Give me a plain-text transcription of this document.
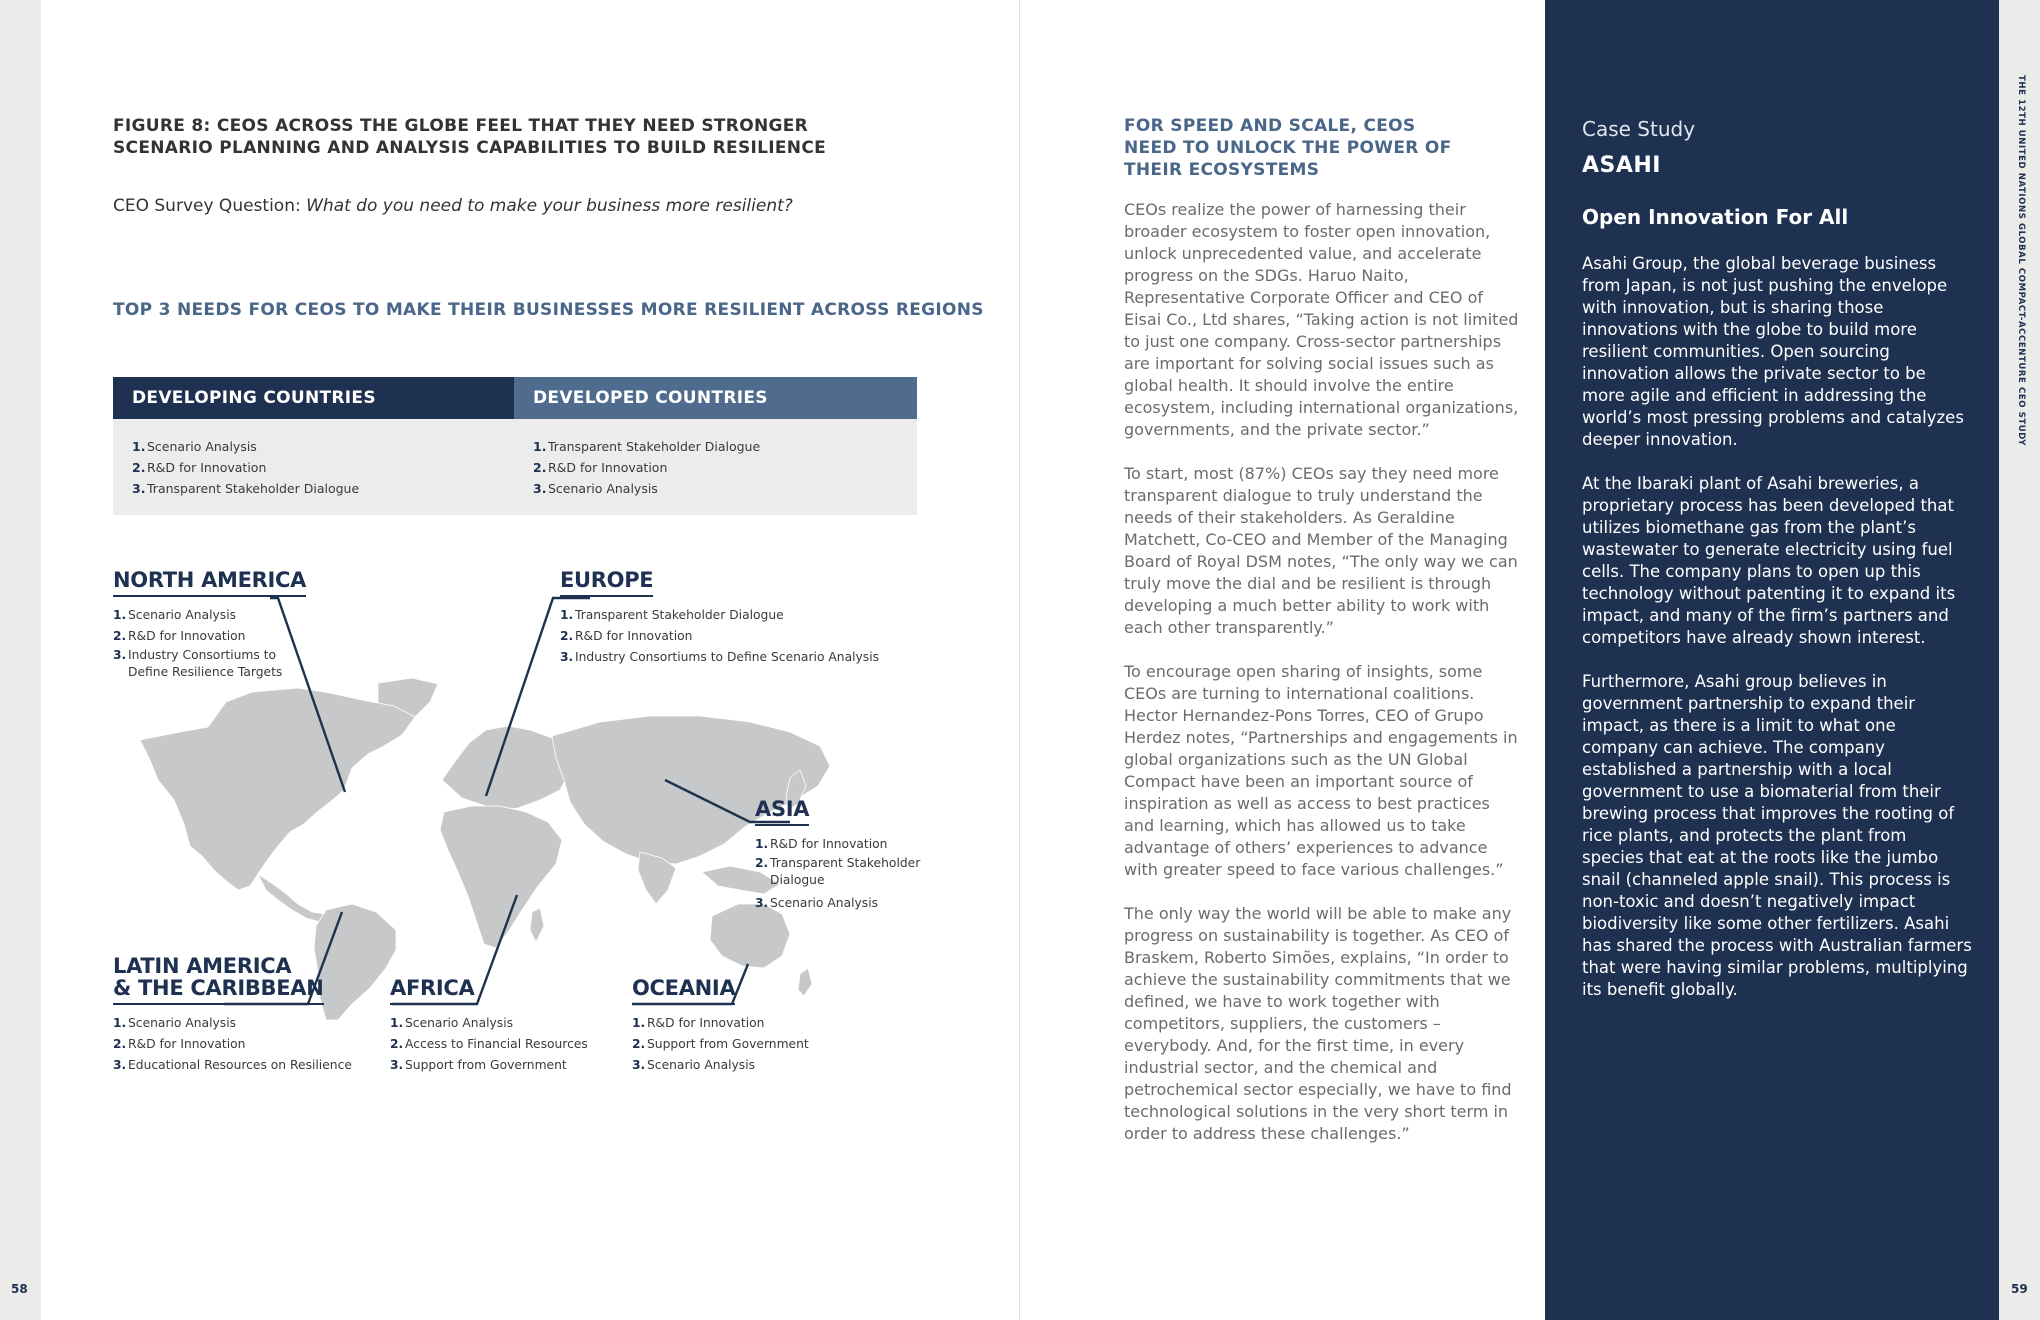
58	59
THE 12TH UNITED NATIONS GLOBAL COMPACT-ACCENTURE CEO STUDY
FIGURE 8: CEOS ACROSS THE GLOBE FEEL THAT THEY NEED STRONGER SCENARIO PLANNING AND ANALYSIS CAPABILITIES TO BUILD RESILIENCE
CEO Survey Question: What do you need to make your business more resilient?
TOP 3 NEEDS FOR CEOS TO MAKE THEIR BUSINESSES MORE RESILIENT ACROSS REGIONS
DEVELOPING COUNTRIES	DEVELOPED COUNTRIES
1. Scenario Analysis
2. R&D for Innovation
3. Transparent Stakeholder Dialogue
1. Transparent Stakeholder Dialogue
2. R&D for Innovation
3. Scenario Analysis
NORTH AMERICA
1. Scenario Analysis
2. R&D for Innovation
3. Industry Consortiums to Define Resilience Targets
EUROPE
1. Transparent Stakeholder Dialogue
2. R&D for Innovation
3. Industry Consortiums to Define Scenario Analysis
ASIA
1. R&D for Innovation
2. Transparent Stakeholder Dialogue
3. Scenario Analysis
LATIN AMERICA
& THE CARIBBEAN
1. Scenario Analysis
2. R&D for Innovation
3. Educational Resources on Resilience
AFRICA
1. Scenario Analysis
2. Access to Financial Resources
3. Support from Government
OCEANIA
1. R&D for Innovation
2. Support from Government
3. Scenario Analysis
FOR SPEED AND SCALE, CEOS NEED TO UNLOCK THE POWER OF THEIR ECOSYSTEMS

CEOs realize the power of harnessing their broader ecosystem to foster open innovation, unlock unprecedented value, and accelerate progress on the SDGs. Haruo Naito, Representative Corporate Officer and CEO of Eisai Co., Ltd shares, “Taking action is not limited to just one company. Cross-sector partnerships are important for solving social issues such as global health. It should involve the entire ecosystem, including international organizations, governments, and the private sector.”

To start, most (87%) CEOs say they need more transparent dialogue to truly understand the needs of their stakeholders. As Geraldine Matchett, Co-CEO and Member of the Managing Board of Royal DSM notes, “The only way we can truly move the dial and be resilient is through developing a much better ability to work with each other transparently.”

To encourage open sharing of insights, some CEOs are turning to international coalitions. Hector Hernandez-Pons Torres, CEO of Grupo Herdez notes, “Partnerships and engagements in global organizations such as the UN Global Compact have been an important source of inspiration as well as access to best practices and learning, which has allowed us to take advantage of others’ experiences to advance with greater speed to face various challenges.”

The only way the world will be able to make any progress on sustainability is together. As CEO of Braskem, Roberto Simões, explains, “In order to achieve the sustainability commitments that we defined, we have to work together with competitors, suppliers, the customers – everybody. And, for the first time, in every industrial sector, and the chemical and petrochemical sector especially, we have to find technological solutions in the very short term in order to address these challenges.”

Case Study
ASAHI
Open Innovation For All

Asahi Group, the global beverage business from Japan, is not just pushing the envelope with innovation, but is sharing those innovations with the globe to build more resilient communities. Open sourcing innovation allows the private sector to be more agile and efficient in addressing the world’s most pressing problems and catalyzes deeper innovation.

At the Ibaraki plant of Asahi breweries, a proprietary process has been developed that utilizes biomethane gas from the plant’s wastewater to generate electricity using fuel cells. The company plans to open up this technology without patenting it to expand its impact, and many of the firm’s partners and competitors have already shown interest.

Furthermore, Asahi group believes in government partnership to expand their impact, as there is a limit to what one company can achieve. The company established a partnership with a local government to use a biomaterial from their brewing process that improves the rooting of rice plants, and protects the plant from species that eat at the roots like the jumbo snail (channeled apple snail). This process is non-toxic and doesn’t negatively impact biodiversity like some other fertilizers. Asahi has shared the process with Australian farmers that were having similar problems, multiplying its benefit globally.
